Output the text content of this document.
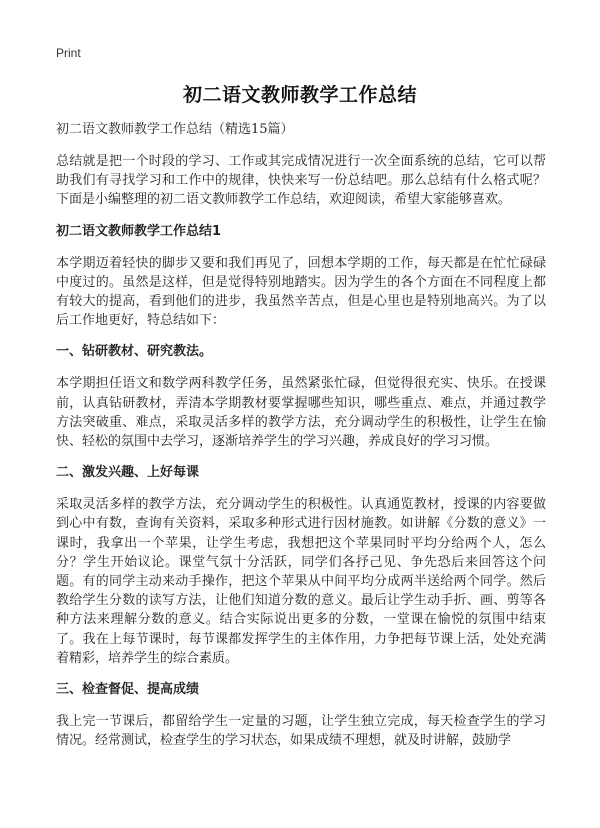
Print
初二语文教师教学工作总结
初二语文教师教学工作总结（精选15篇）
总结就是把一个时段的学习、工作或其完成情况进行一次全面系统的总结，它可以帮助我们有寻找学习和工作中的规律，快快来写一份总结吧。那么总结有什么格式呢？下面是小编整理的初二语文教师教学工作总结，欢迎阅读，希望大家能够喜欢。
初二语文教师教学工作总结1
本学期迈着轻快的脚步又要和我们再见了，回想本学期的工作，每天都是在忙忙碌碌中度过的。虽然是这样，但是觉得特别地踏实。因为学生的各个方面在不同程度上都有较大的提高，看到他们的进步，我虽然辛苦点，但是心里也是特别地高兴。为了以后工作地更好，特总结如下：
一、钻研教材、研究教法。
本学期担任语文和数学两科教学任务，虽然紧张忙碌，但觉得很充实、快乐。在授课前，认真钻研教材，弄清本学期教材要掌握哪些知识，哪些重点、难点，并通过教学方法突破重、难点，采取灵活多样的教学方法，充分调动学生的积极性，让学生在愉快、轻松的氛围中去学习，逐渐培养学生的学习兴趣，养成良好的学习习惯。
二、激发兴趣、上好每课
采取灵活多样的教学方法，充分调动学生的积极性。认真通览教材，授课的内容要做到心中有数，查询有关资料，采取多种形式进行因材施教。如讲解《分数的意义》一课时，我拿出一个苹果，让学生考虑，我想把这个苹果同时平均分给两个人，怎么分？学生开始议论。课堂气氛十分活跃，同学们各抒己见、争先恐后来回答这个问题。有的同学主动来动手操作，把这个苹果从中间平均分成两半送给两个同学。然后教给学生分数的读写方法，让他们知道分数的意义。最后让学生动手折、画、剪等各种方法来理解分数的意义。结合实际说出更多的分数，一堂课在愉悦的氛围中结束了。我在上每节课时，每节课都发挥学生的主体作用，力争把每节课上活，处处充满着精彩，培养学生的综合素质。
三、检查督促、提高成绩
我上完一节课后，都留给学生一定量的习题，让学生独立完成，每天检查学生的学习情况。经常测试，检查学生的学习状态，如果成绩不理想，就及时讲解，鼓励学
